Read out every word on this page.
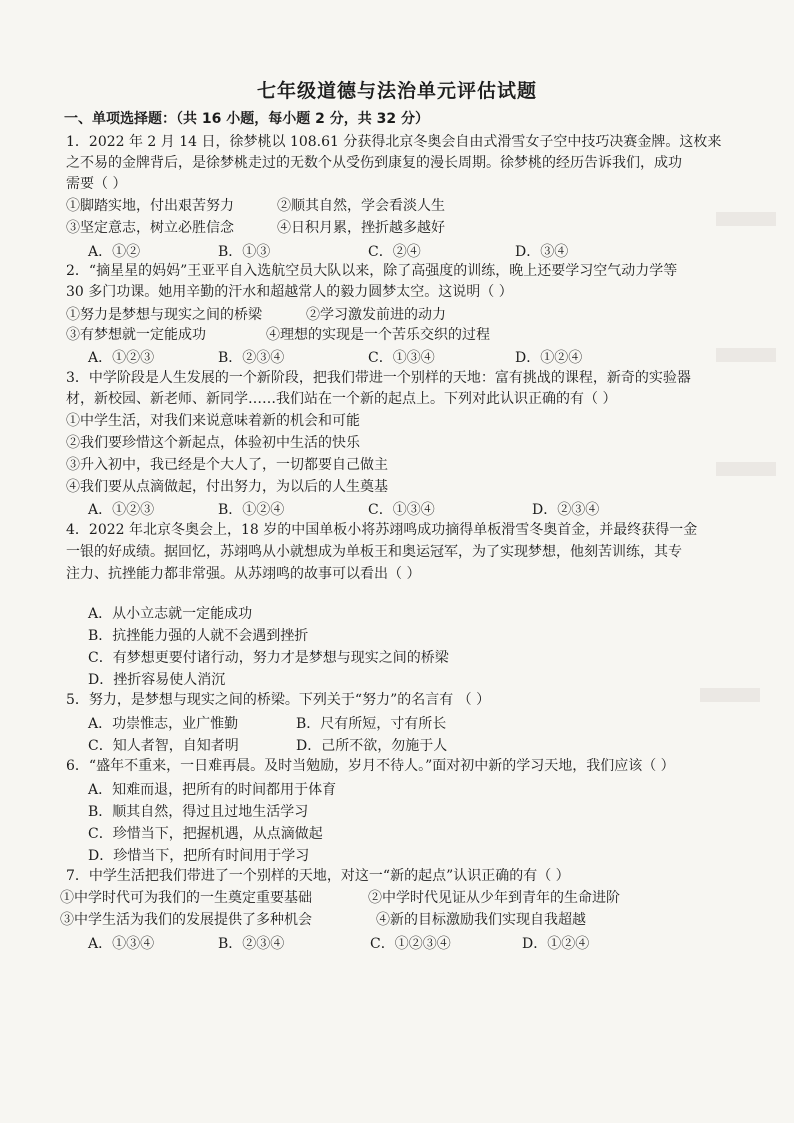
七年级道德与法治单元评估试题
一、单项选择题：（共 16 小题，每小题 2 分，共 32 分）
1．2022 年 2 月 14 日，徐梦桃以 108.61 分获得北京冬奥会自由式滑雪女子空中技巧决赛金牌。这枚来
之不易的金牌背后，是徐梦桃走过的无数个从受伤到康复的漫长周期。徐梦桃的经历告诉我们，成功
需要（ ）
①脚踏实地，付出艰苦努力	②顺其自然，学会看淡人生
③坚定意志，树立必胜信念	④日积月累，挫折越多越好
A．①②	B．①③	C．②④	D．③④
2．“摘星星的妈妈”王亚平自入选航空员大队以来，除了高强度的训练，晚上还要学习空气动力学等
30 多门功课。她用辛勤的汗水和超越常人的毅力圆梦太空。这说明（ ）
①努力是梦想与现实之间的桥梁	②学习激发前进的动力
③有梦想就一定能成功	④理想的实现是一个苦乐交织的过程
A．①②③	B．②③④	C．①③④	D．①②④
3．中学阶段是人生发展的一个新阶段，把我们带进一个别样的天地：富有挑战的课程，新奇的实验器
材，新校园、新老师、新同学……我们站在一个新的起点上。下列对此认识正确的有（ ）
①中学生活，对我们来说意味着新的机会和可能
②我们要珍惜这个新起点，体验初中生活的快乐
③升入初中，我已经是个大人了，一切都要自己做主
④我们要从点滴做起，付出努力，为以后的人生奠基
A．①②③	B．①②④	C．①③④	D．②③④
4．2022 年北京冬奥会上，18 岁的中国单板小将苏翊鸣成功摘得单板滑雪冬奥首金，并最终获得一金
一银的好成绩。据回忆，苏翊鸣从小就想成为单板王和奥运冠军，为了实现梦想，他刻苦训练，其专
注力、抗挫能力都非常强。从苏翊鸣的故事可以看出（ ）
A．从小立志就一定能成功
B．抗挫能力强的人就不会遇到挫折
C．有梦想更要付诸行动，努力才是梦想与现实之间的桥梁
D．挫折容易使人消沉
5．努力，是梦想与现实之间的桥梁。下列关于“努力”的名言有 （ ）
A．功崇惟志，业广惟勤	B．尺有所短，寸有所长
C．知人者智，自知者明	D．己所不欲，勿施于人
6．“盛年不重来，一日难再晨。及时当勉励，岁月不待人。”面对初中新的学习天地，我们应该（ ）
A．知难而退，把所有的时间都用于体育
B．顺其自然，得过且过地生活学习
C．珍惜当下，把握机遇，从点滴做起
D．珍惜当下，把所有时间用于学习
7．中学生活把我们带进了一个别样的天地，对这一“新的起点”认识正确的有（ ）
①中学时代可为我们的一生奠定重要基础	②中学时代见证从少年到青年的生命进阶
③中学生活为我们的发展提供了多种机会	④新的目标激励我们实现自我超越
A．①③④	B．②③④	C．①②③④	D．①②④
